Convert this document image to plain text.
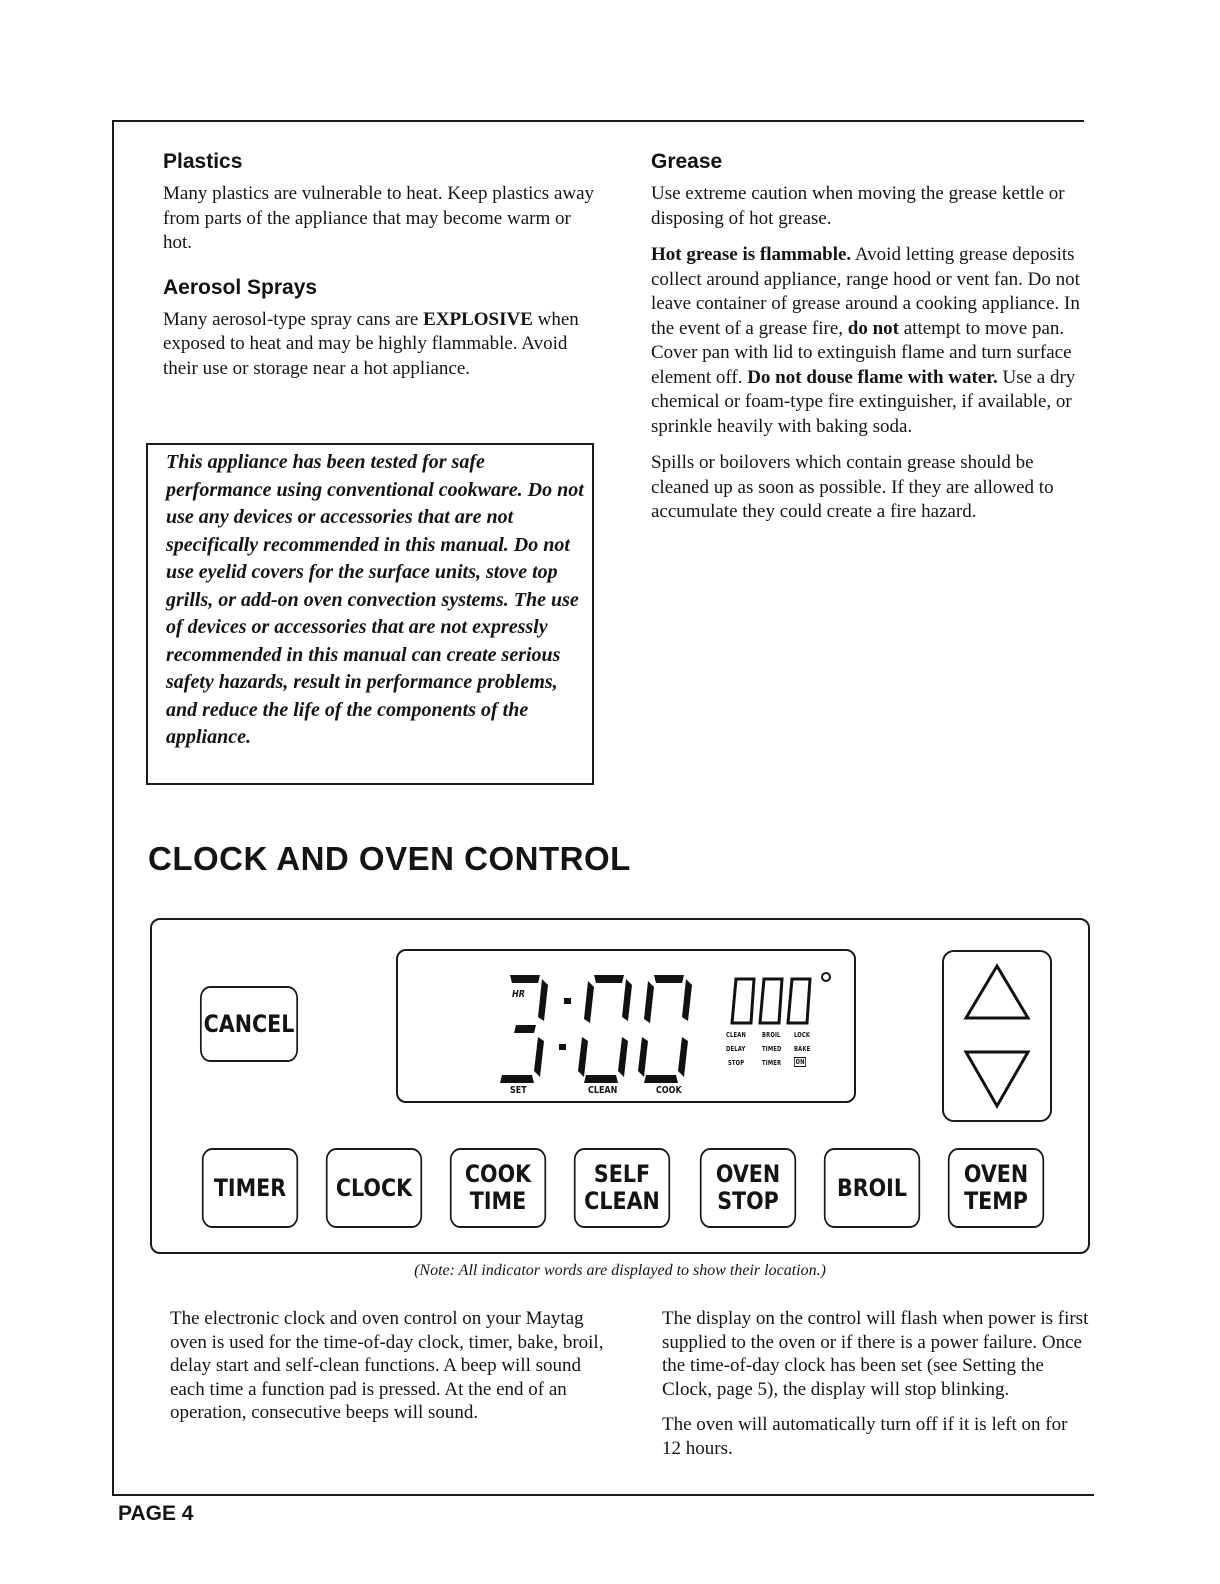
Plastics

Many plastics are vulnerable to heat. Keep plastics away from parts of the appliance that may become warm or hot.

Aerosol Sprays

Many aerosol-type spray cans are EXPLOSIVE when exposed to heat and may be highly flammable. Avoid their use or storage near a hot appliance.

This appliance has been tested for safe performance using conventional cookware. Do not use any devices or accessories that are not specifically recommended in this manual. Do not use eyelid covers for the surface units, stove top grills, or add-on oven convection systems. The use of devices or accessories that are not expressly recommended in this manual can create serious safety hazards, result in performance problems, and reduce the life of the components of the appliance.
Grease

Use extreme caution when moving the grease kettle or disposing of hot grease.

Hot grease is flammable. Avoid letting grease deposits collect around appliance, range hood or vent fan. Do not leave container of grease around a cooking appliance. In the event of a grease fire, do not attempt to move pan. Cover pan with lid to extinguish flame and turn surface element off. Do not douse flame with water. Use a dry chemical or foam-type fire extinguisher, if available, or sprinkle heavily with baking soda.

Spills or boilovers which contain grease should be cleaned up as soon as possible. If they are allowed to accumulate they could create a fire hazard.

CLOCK AND OVEN CONTROL
CANCEL
HR
SET	CLEAN	COOK
CLEAN BROIL LOCK
DELAY TIMED BAKE
STOP	TIMER ON
TIMER CLOCK COOK
TIME
SELF
CLEAN
OVEN
STOP BROIL OVEN
TEMP

(Note: All indicator words are displayed to show their location.)

The electronic clock and oven control on your Maytag oven is used for the time-of-day clock, timer, bake, broil, delay start and self-clean functions. A beep will sound each time a function pad is pressed. At the end of an operation, consecutive beeps will sound.

The display on the control will flash when power is first supplied to the oven or if there is a power failure. Once the time-of-day clock has been set (see Setting the Clock, page 5), the display will stop blinking.

The oven will automatically turn off if it is left on for 12 hours.

PAGE 4
